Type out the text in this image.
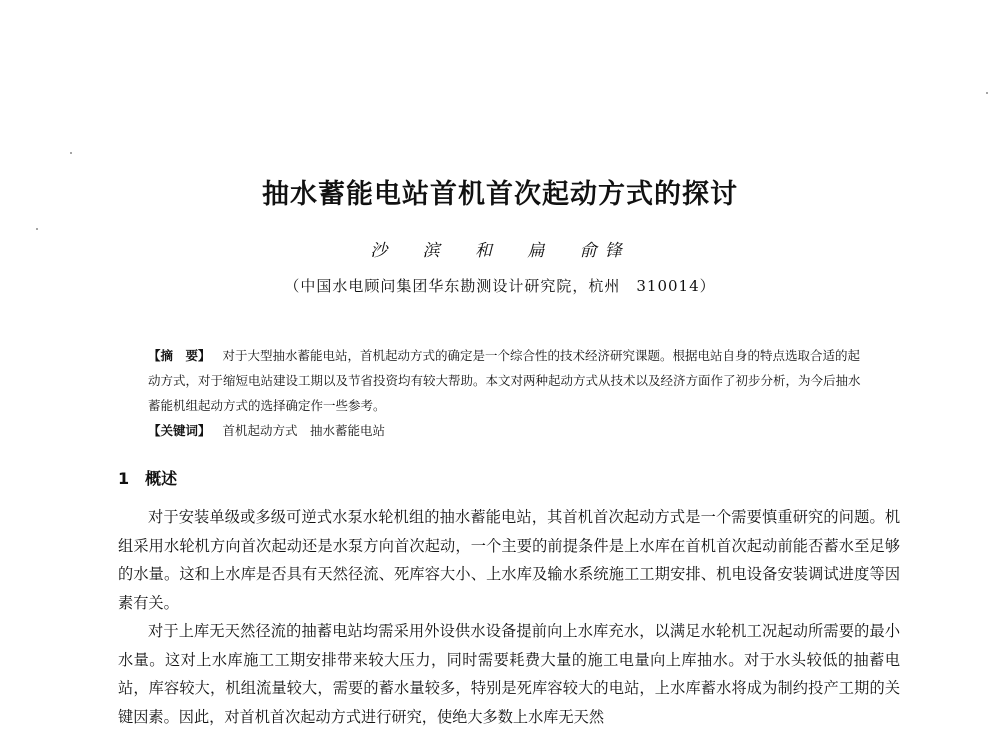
抽水蓄能电站首机首次起动方式的探讨
沙 滨 和 扁 俞锋
（中国水电顾问集团华东勘测设计研究院，杭州　310014）
【摘　要】 对于大型抽水蓄能电站，首机起动方式的确定是一个综合性的技术经济研究课题。根据电站自身的特点选取合适的起动方式，对于缩短电站建设工期以及节省投资均有较大帮助。本文对两种起动方式从技术以及经济方面作了初步分析，为今后抽水蓄能机组起动方式的选择确定作一些参考。
【关键词】 首机起动方式　抽水蓄能电站
1 概述

对于安装单级或多级可逆式水泵水轮机组的抽水蓄能电站，其首机首次起动方式是一个需要慎重研究的问题。机组采用水轮机方向首次起动还是水泵方向首次起动，一个主要的前提条件是上水库在首机首次起动前能否蓄水至足够的水量。这和上水库是否具有天然径流、死库容大小、上水库及输水系统施工工期安排、机电设备安装调试进度等因素有关。

对于上库无天然径流的抽蓄电站均需采用外设供水设备提前向上水库充水，以满足水轮机工况起动所需要的最小水量。这对上水库施工工期安排带来较大压力，同时需要耗费大量的施工电量向上库抽水。对于水头较低的抽蓄电站，库容较大，机组流量较大，需要的蓄水量较多，特别是死库容较大的电站，上水库蓄水将成为制约投产工期的关键因素。因此，对首机首次起动方式进行研究，使绝大多数上水库无天然
